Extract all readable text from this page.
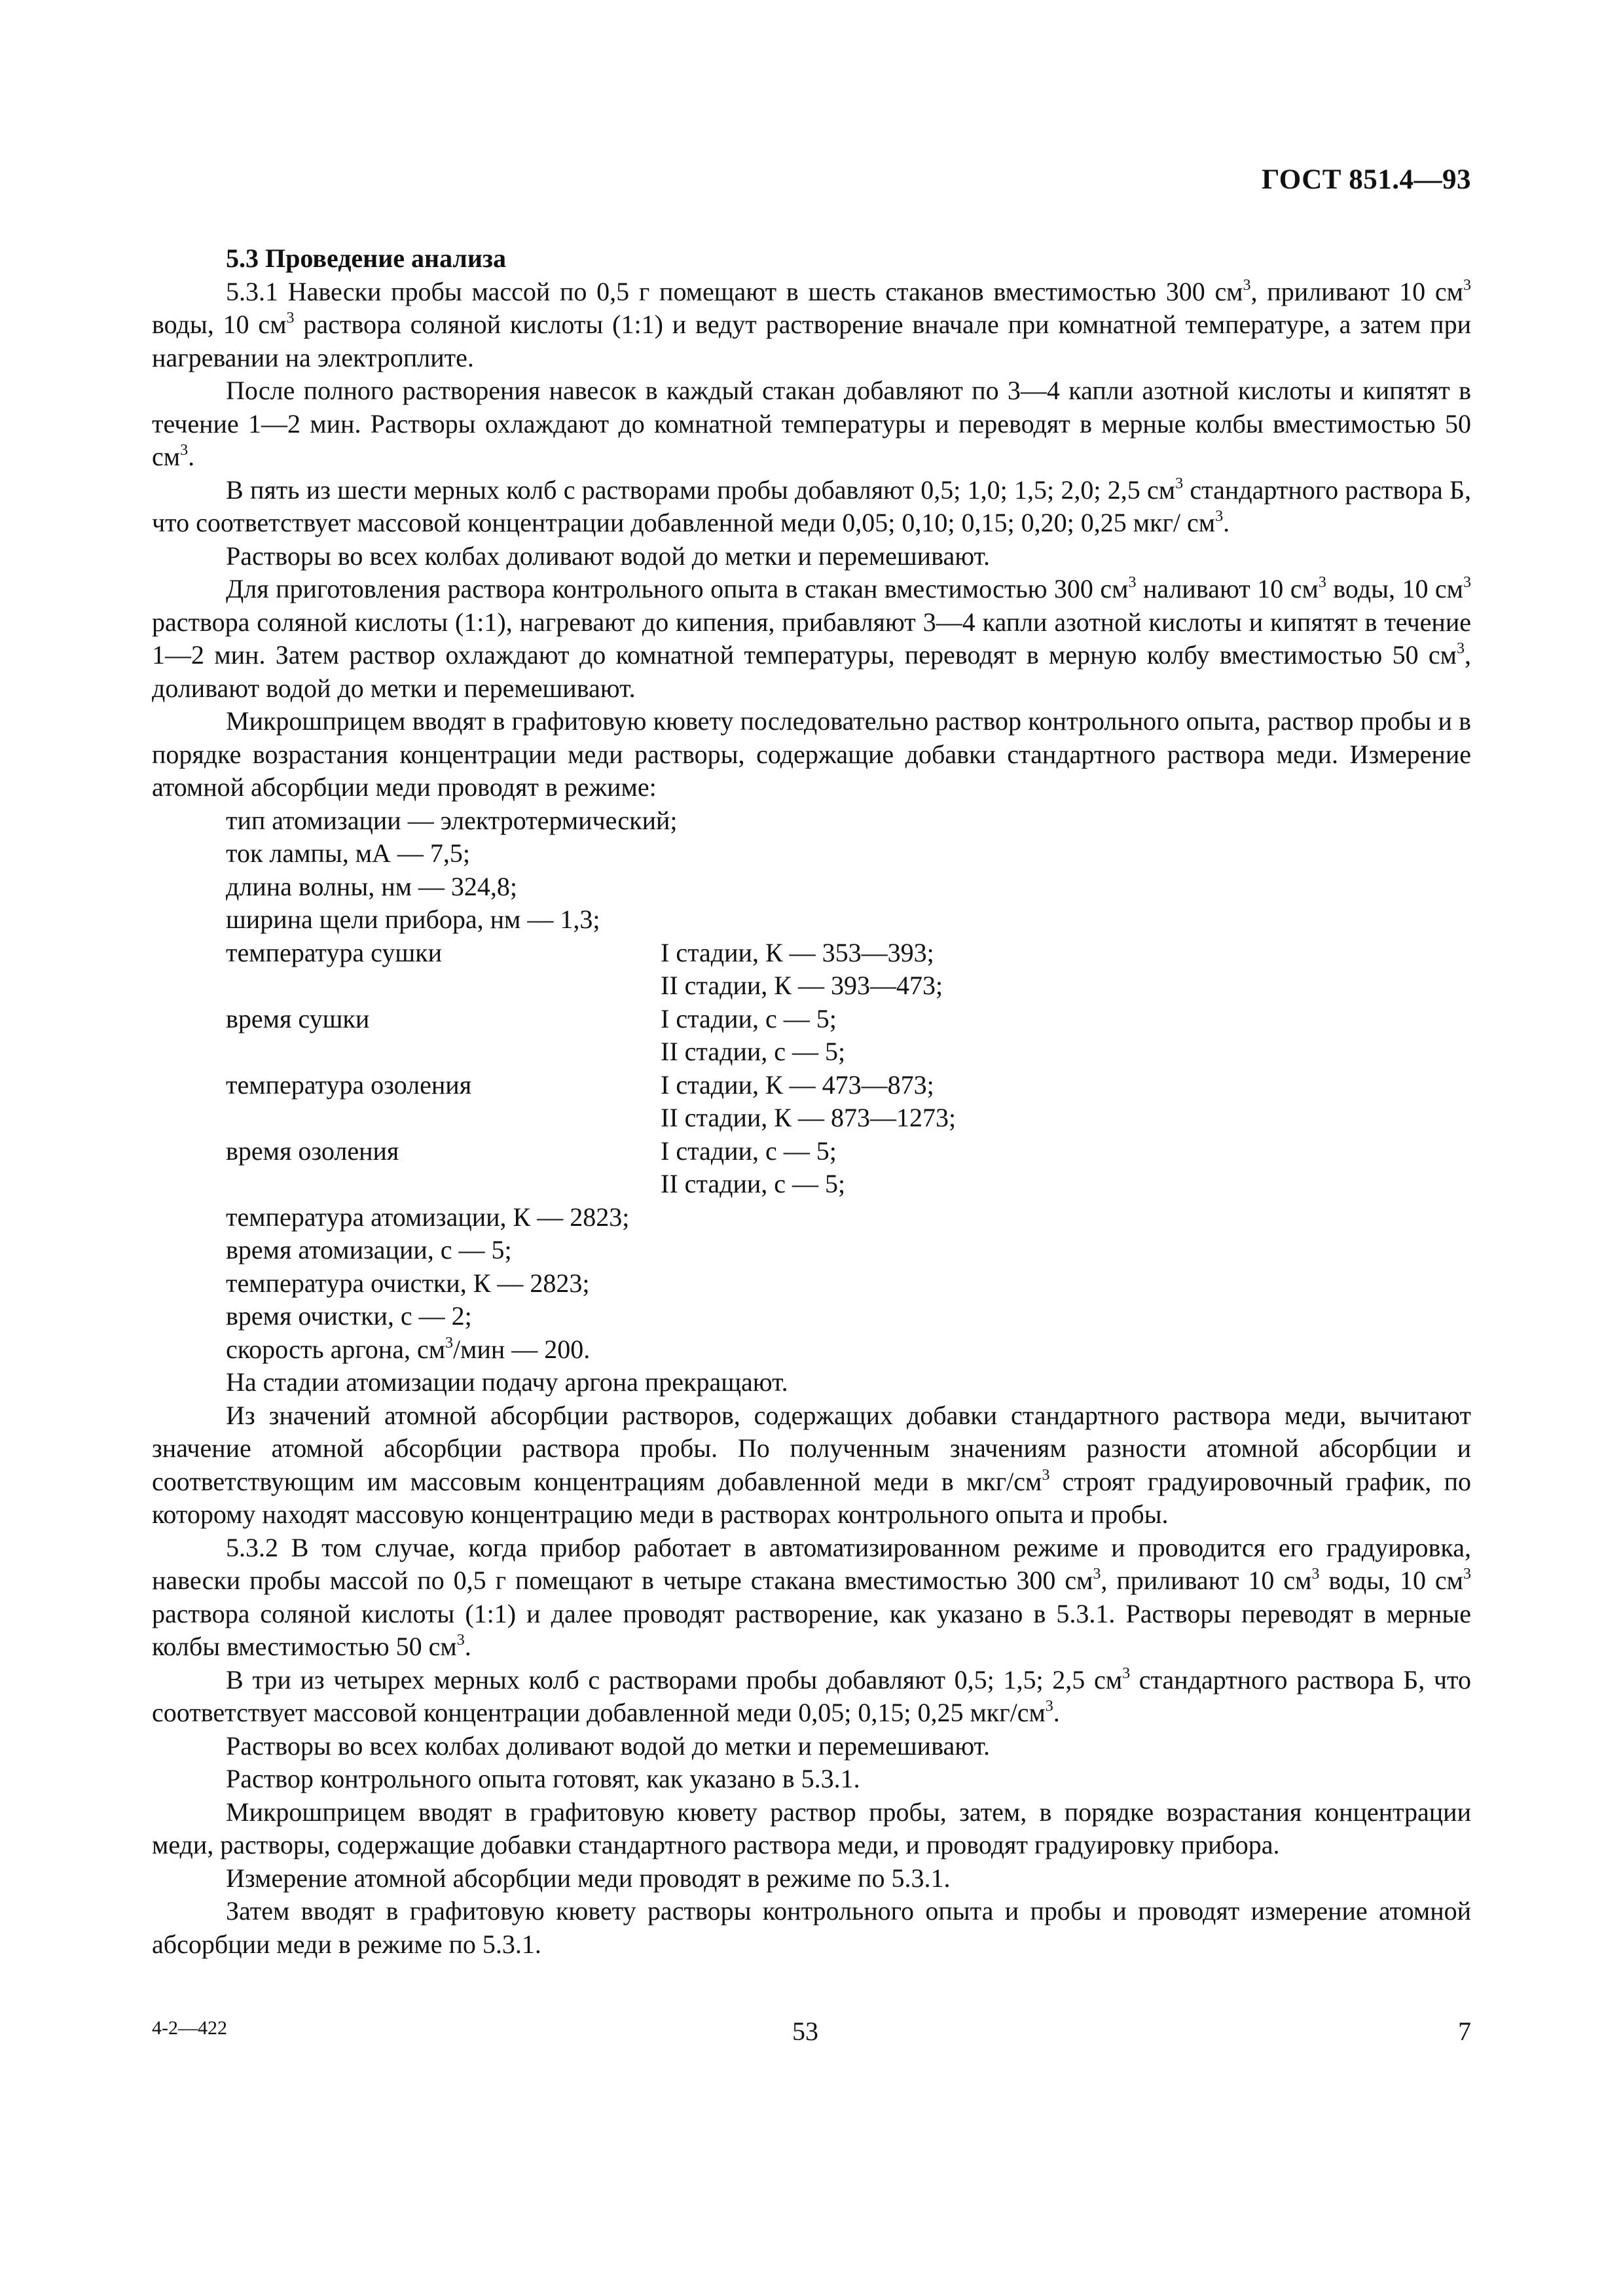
ГОСТ 851.4—93

5.3 Проведение анализа

5.3.1 Навески пробы массой по 0,5 г помещают в шесть стаканов вместимостью 300 $см^3$, приливают 10 $см^3$ воды, 10 $см^3$ раствора соляной кислоты (1:1) и ведут растворение вначале при комнатной температуре, а затем при нагревании на электроплите.

После полного растворения навесок в каждый стакан добавляют по 3—4 капли азотной кислоты и кипятят в течение 1—2 мин. Растворы охлаждают до комнатной температуры и переводят в мерные колбы вместимостью 50 $см^3$.

В пять из шести мерных колб с растворами пробы добавляют 0,5; 1,0; 1,5; 2,0; 2,5 $см^3$ стандартного раствора Б, что соответствует массовой концентрации добавленной меди 0,05; 0,10; 0,15; 0,20; 0,25 мкг/ $см^3$.

Растворы во всех колбах доливают водой до метки и перемешивают.

Для приготовления раствора контрольного опыта в стакан вместимостью 300 $см^3$ наливают 10 $см^3$ воды, 10 $см^3$ раствора соляной кислоты (1:1), нагревают до кипения, прибавляют 3—4 капли азотной кислоты и кипятят в течение 1—2 мин. Затем раствор охлаждают до комнатной температуры, переводят в мерную колбу вместимостью 50 $см^3$, доливают водой до метки и перемешивают.

Микрошприцем вводят в графитовую кювету последовательно раствор контрольного опыта, раствор пробы и в порядке возрастания концентрации меди растворы, содержащие добавки стандартного раствора меди. Измерение атомной абсорбции меди проводят в режиме:

тип атомизации — электротермический;
ток лампы, мА — 7,5;
длина волны, нм — 324,8;
ширина щели прибора, нм — 1,3;
температура сушки	I стадии, К — 353—393;
II стадии, К — 393—473;
время сушки	I стадии, с — 5;
II стадии, с — 5;
температура озоления	I стадии, К — 473—873;
II стадии, К — 873—1273;
время озоления	I стадии, с — 5;
II стадии, с — 5;
температура атомизации, К — 2823;
время атомизации, с — 5;
температура очистки, К — 2823;
время очистки, с — 2;
скорость аргона, $см^3$/мин — 200.

На стадии атомизации подачу аргона прекращают.

Из значений атомной абсорбции растворов, содержащих добавки стандартного раствора меди, вычитают значение атомной абсорбции раствора пробы. По полученным значениям разности атомной абсорбции и соответствующим им массовым концентрациям добавленной меди в мкг/$см^3$ строят градуировочный график, по которому находят массовую концентрацию меди в растворах контрольного опыта и пробы.

5.3.2 В том случае, когда прибор работает в автоматизированном режиме и проводится его градуировка, навески пробы массой по 0,5 г помещают в четыре стакана вместимостью 300 $см^3$, приливают 10 $см^3$ воды, 10 $см^3$ раствора соляной кислоты (1:1) и далее проводят растворение, как указано в 5.3.1. Растворы переводят в мерные колбы вместимостью 50 $см^3$.

В три из четырех мерных колб с растворами пробы добавляют 0,5; 1,5; 2,5 $см^3$ стандартного раствора Б, что соответствует массовой концентрации добавленной меди 0,05; 0,15; 0,25 мкг/$см^3$.

Растворы во всех колбах доливают водой до метки и перемешивают.

Раствор контрольного опыта готовят, как указано в 5.3.1.

Микрошприцем вводят в графитовую кювету раствор пробы, затем, в порядке возрастания концентрации меди, растворы, содержащие добавки стандартного раствора меди, и проводят градуировку прибора.

Измерение атомной абсорбции меди проводят в режиме по 5.3.1.

Затем вводят в графитовую кювету растворы контрольного опыта и пробы и проводят измерение атомной абсорбции меди в режиме по 5.3.1.

4-2—422	53	7
